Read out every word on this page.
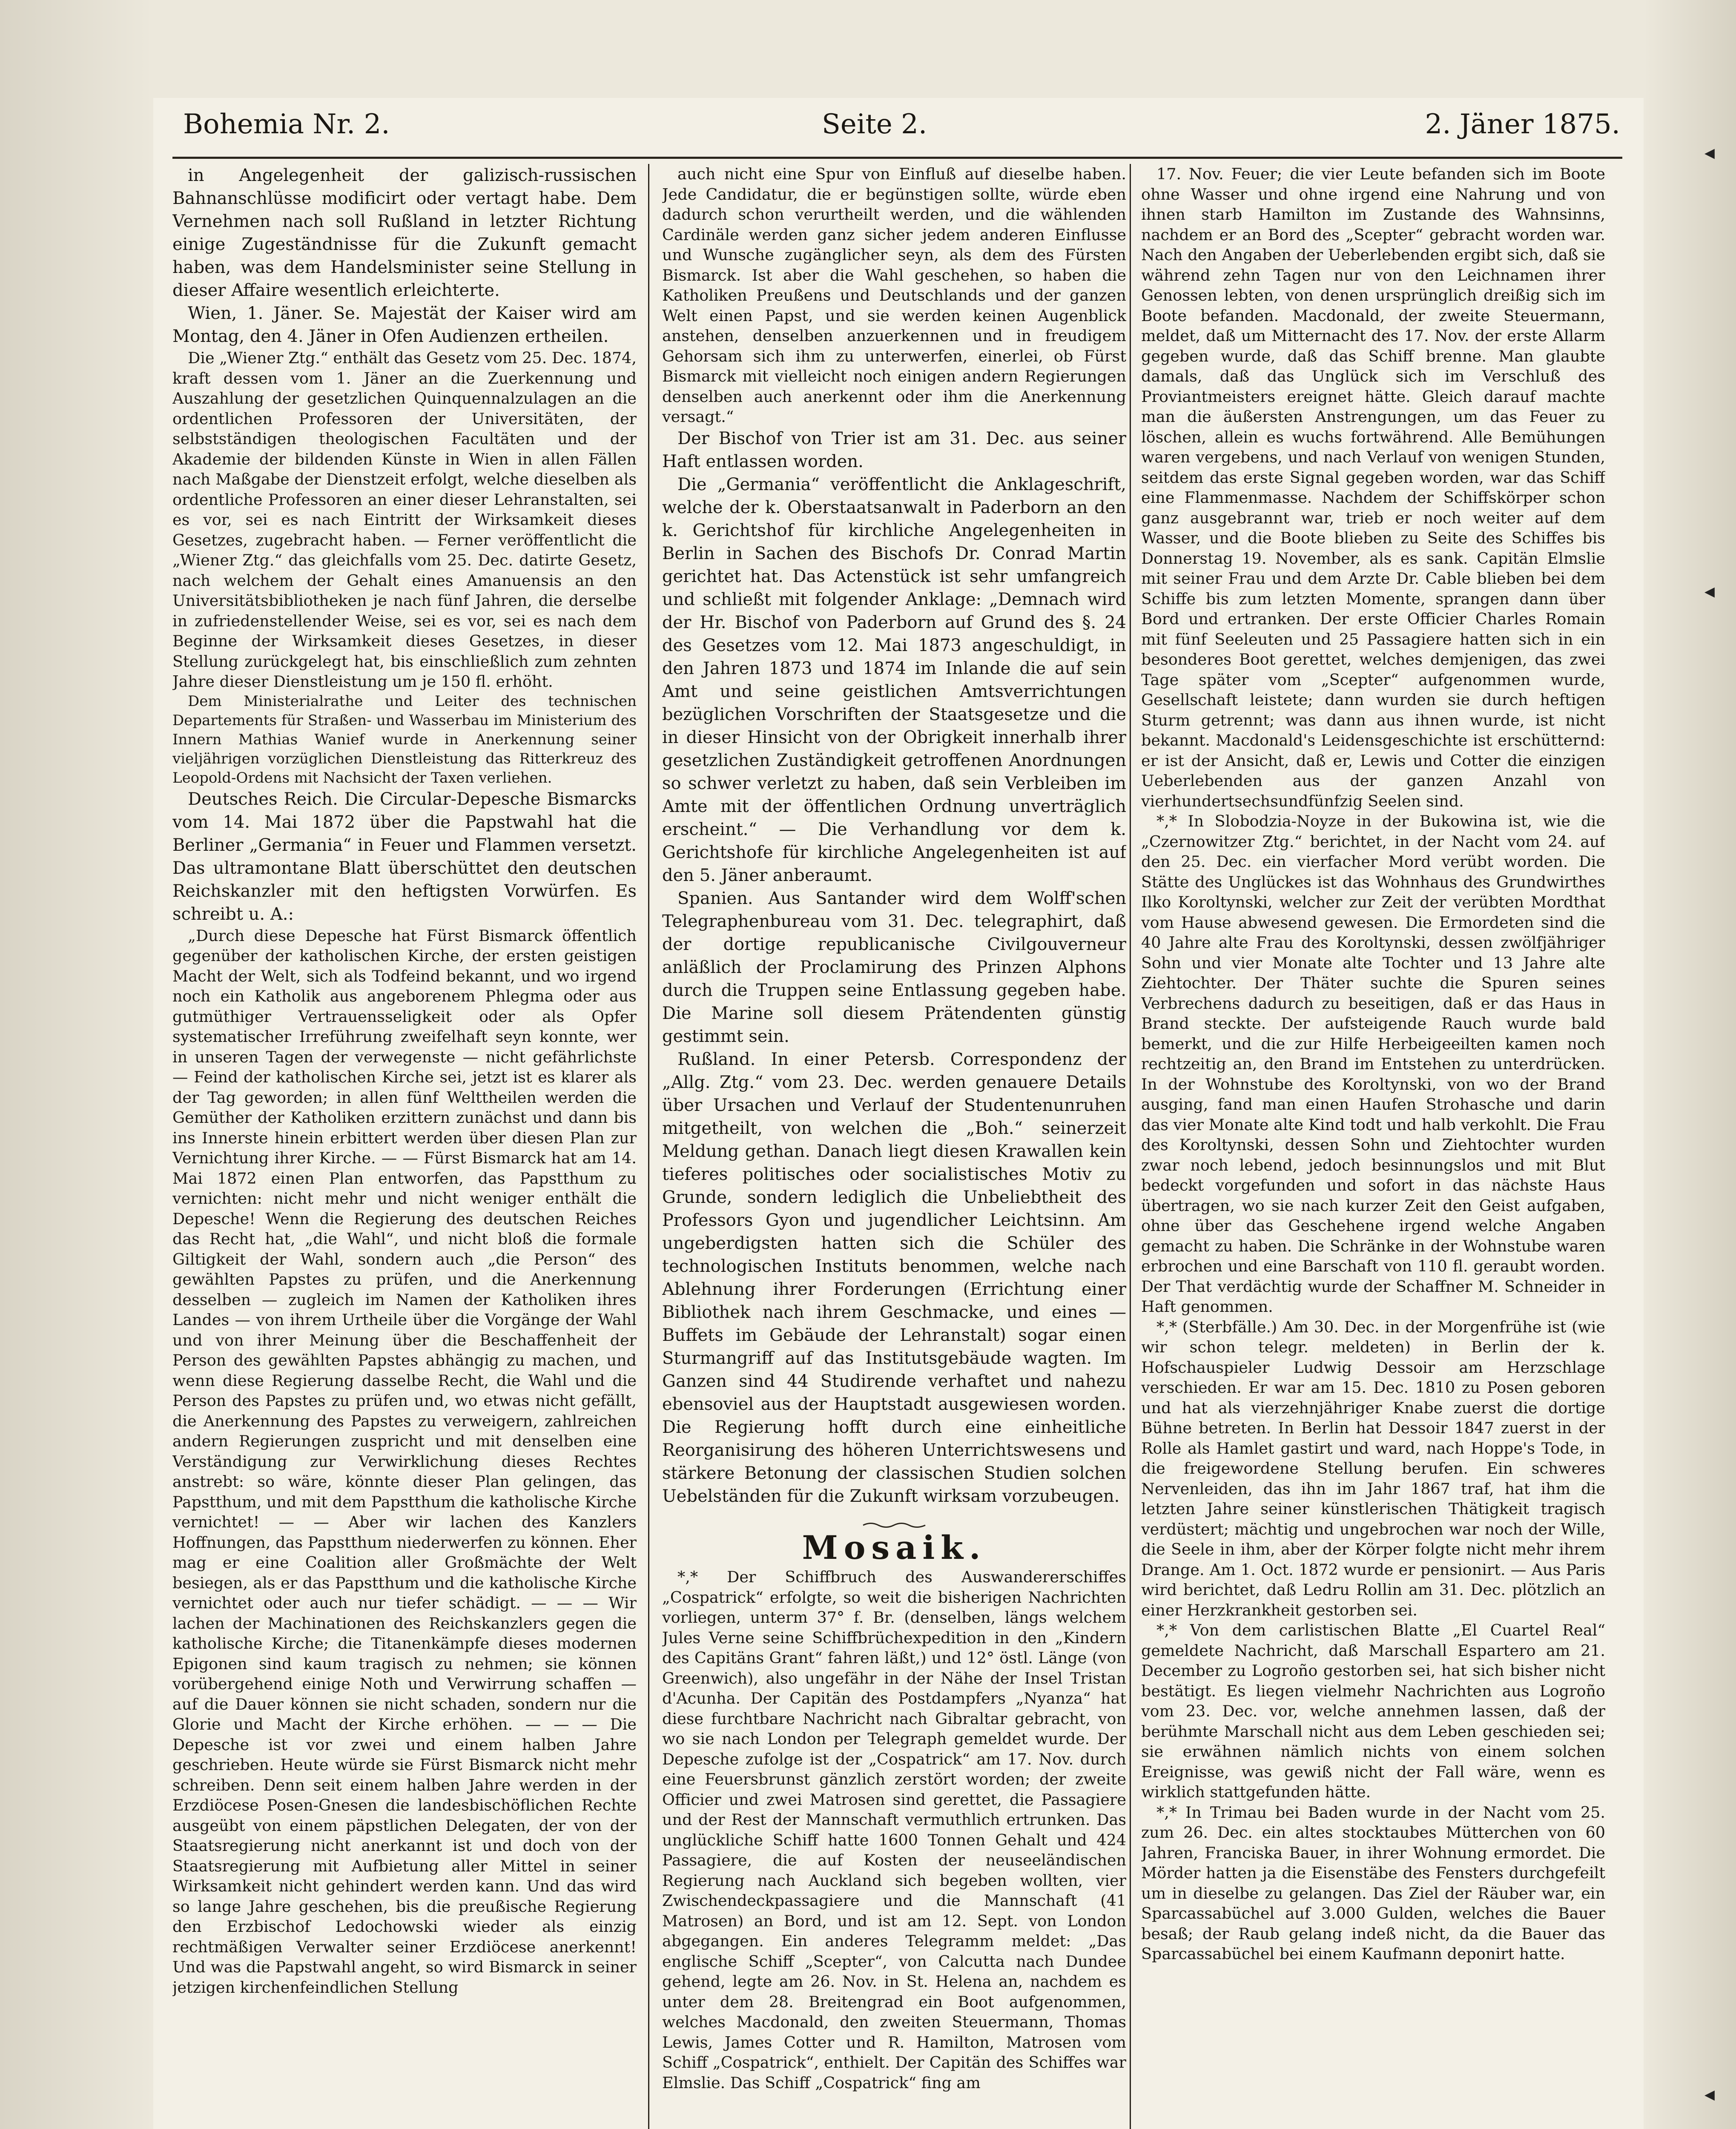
Bohemia Nr. 2.	Seite 2.	2. Jäner 1875.

in Angelegenheit der galizisch-russischen Bahnanschlüsse modificirt oder vertagt habe. Dem Vernehmen nach soll Rußland in letzter Richtung einige Zugeständnisse für die Zukunft gemacht haben, was dem Handelsminister seine Stellung in dieser Affaire wesentlich erleichterte.

Wien, 1. Jäner. Se. Majestät der Kaiser wird am Montag, den 4. Jäner in Ofen Audienzen ertheilen.

Die „Wiener Ztg.“ enthält das Gesetz vom 25. Dec. 1874, kraft dessen vom 1. Jäner an die Zuerkennung und Auszahlung der gesetzlichen Quinquennalzulagen an die ordentlichen Professoren der Universitäten, der selbstständigen theologischen Facultäten und der Akademie der bildenden Künste in Wien in allen Fällen nach Maßgabe der Dienstzeit erfolgt, welche dieselben als ordentliche Professoren an einer dieser Lehranstalten, sei es vor, sei es nach Eintritt der Wirksamkeit dieses Gesetzes, zugebracht haben. — Ferner veröffentlicht die „Wiener Ztg.“ das gleichfalls vom 25. Dec. datirte Gesetz, nach welchem der Gehalt eines Amanuensis an den Universitätsbibliotheken je nach fünf Jahren, die derselbe in zufriedenstellender Weise, sei es vor, sei es nach dem Beginne der Wirksamkeit dieses Gesetzes, in dieser Stellung zurückgelegt hat, bis einschließlich zum zehnten Jahre dieser Dienstleistung um je 150 fl. erhöht.

Dem Ministerialrathe und Leiter des technischen Departements für Straßen- und Wasserbau im Ministerium des Innern Mathias Wanief wurde in Anerkennung seiner vieljährigen vorzüglichen Dienstleistung das Ritterkreuz des Leopold-Ordens mit Nachsicht der Taxen verliehen.

Deutsches Reich. Die Circular-Depesche Bismarcks vom 14. Mai 1872 über die Papstwahl hat die Berliner „Germania“ in Feuer und Flammen versetzt. Das ultramontane Blatt überschüttet den deutschen Reichskanzler mit den heftigsten Vorwürfen. Es schreibt u. A.:

„Durch diese Depesche hat Fürst Bismarck öffentlich gegenüber der katholischen Kirche, der ersten geistigen Macht der Welt, sich als Todfeind bekannt, und wo irgend noch ein Katholik aus angeborenem Phlegma oder aus gutmüthiger Vertrauensseligkeit oder als Opfer systematischer Irreführung zweifelhaft seyn konnte, wer in unseren Tagen der verwegenste — nicht gefährlichste — Feind der katholischen Kirche sei, jetzt ist es klarer als der Tag geworden; in allen fünf Welttheilen werden die Gemüther der Katholiken erzittern zunächst und dann bis ins Innerste hinein erbittert werden über diesen Plan zur Vernichtung ihrer Kirche. — — Fürst Bismarck hat am 14. Mai 1872 einen Plan entworfen, das Papstthum zu vernichten: nicht mehr und nicht weniger enthält die Depesche! Wenn die Regierung des deutschen Reiches das Recht hat, „die Wahl“, und nicht bloß die formale Giltigkeit der Wahl, sondern auch „die Person“ des gewählten Papstes zu prüfen, und die Anerkennung desselben — zugleich im Namen der Katholiken ihres Landes — von ihrem Urtheile über die Vorgänge der Wahl und von ihrer Meinung über die Beschaffenheit der Person des gewählten Papstes abhängig zu machen, und wenn diese Regierung dasselbe Recht, die Wahl und die Person des Papstes zu prüfen und, wo etwas nicht gefällt, die Anerkennung des Papstes zu verweigern, zahlreichen andern Regierungen zuspricht und mit denselben eine Verständigung zur Verwirklichung dieses Rechtes anstrebt: so wäre, könnte dieser Plan gelingen, das Papstthum, und mit dem Papstthum die katholische Kirche vernichtet! — — Aber wir lachen des Kanzlers Hoffnungen, das Papstthum niederwerfen zu können. Eher mag er eine Coalition aller Großmächte der Welt besiegen, als er das Papstthum und die katholische Kirche vernichtet oder auch nur tiefer schädigt. — — — Wir lachen der Machinationen des Reichskanzlers gegen die katholische Kirche; die Titanenkämpfe dieses modernen Epigonen sind kaum tragisch zu nehmen; sie können vorübergehend einige Noth und Verwirrung schaffen — auf die Dauer können sie nicht schaden, sondern nur die Glorie und Macht der Kirche erhöhen. — — — Die Depesche ist vor zwei und einem halben Jahre geschrieben. Heute würde sie Fürst Bismarck nicht mehr schreiben. Denn seit einem halben Jahre werden in der Erzdiöcese Posen-Gnesen die landesbischöflichen Rechte ausgeübt von einem päpstlichen Delegaten, der von der Staatsregierung nicht anerkannt ist und doch von der Staatsregierung mit Aufbietung aller Mittel in seiner Wirksamkeit nicht gehindert werden kann. Und das wird so lange Jahre geschehen, bis die preußische Regierung den Erzbischof Ledochowski wieder als einzig rechtmäßigen Verwalter seiner Erzdiöcese anerkennt! Und was die Papstwahl angeht, so wird Bismarck in seiner jetzigen kirchenfeindlichen Stellung

auch nicht eine Spur von Einfluß auf dieselbe haben. Jede Candidatur, die er begünstigen sollte, würde eben dadurch schon verurtheilt werden, und die wählenden Cardinäle werden ganz sicher jedem anderen Einflusse und Wunsche zugänglicher seyn, als dem des Fürsten Bismarck. Ist aber die Wahl geschehen, so haben die Katholiken Preußens und Deutschlands und der ganzen Welt einen Papst, und sie werden keinen Augenblick anstehen, denselben anzuerkennen und in freudigem Gehorsam sich ihm zu unterwerfen, einerlei, ob Fürst Bismarck mit vielleicht noch einigen andern Regierungen denselben auch anerkennt oder ihm die Anerkennung versagt.“

Der Bischof von Trier ist am 31. Dec. aus seiner Haft entlassen worden.

Die „Germania“ veröffentlicht die Anklageschrift, welche der k. Oberstaatsanwalt in Paderborn an den k. Gerichtshof für kirchliche Angelegenheiten in Berlin in Sachen des Bischofs Dr. Conrad Martin gerichtet hat. Das Actenstück ist sehr umfangreich und schließt mit folgender Anklage: „Demnach wird der Hr. Bischof von Paderborn auf Grund des §. 24 des Gesetzes vom 12. Mai 1873 angeschuldigt, in den Jahren 1873 und 1874 im Inlande die auf sein Amt und seine geistlichen Amtsverrichtungen bezüglichen Vorschriften der Staatsgesetze und die in dieser Hinsicht von der Obrigkeit innerhalb ihrer gesetzlichen Zuständigkeit getroffenen Anordnungen so schwer verletzt zu haben, daß sein Verbleiben im Amte mit der öffentlichen Ordnung unverträglich erscheint.“ — Die Verhandlung vor dem k. Gerichtshofe für kirchliche Angelegenheiten ist auf den 5. Jäner anberaumt.

Spanien. Aus Santander wird dem Wolff'schen Telegraphenbureau vom 31. Dec. telegraphirt, daß der dortige republicanische Civilgouverneur anläßlich der Proclamirung des Prinzen Alphons durch die Truppen seine Entlassung gegeben habe. Die Marine soll diesem Prätendenten günstig gestimmt sein.

Rußland. In einer Petersb. Correspondenz der „Allg. Ztg.“ vom 23. Dec. werden genauere Details über Ursachen und Verlauf der Studentenunruhen mitgetheilt, von welchen die „Boh.“ seinerzeit Meldung gethan. Danach liegt diesen Krawallen kein tieferes politisches oder socialistisches Motiv zu Grunde, sondern lediglich die Unbeliebtheit des Professors Gyon und jugendlicher Leichtsinn. Am ungeberdigsten hatten sich die Schüler des technologischen Instituts benommen, welche nach Ablehnung ihrer Forderungen (Errichtung einer Bibliothek nach ihrem Geschmacke, und eines — Buffets im Gebäude der Lehranstalt) sogar einen Sturmangriff auf das Institutsgebäude wagten. Im Ganzen sind 44 Studirende verhaftet und nahezu ebensoviel aus der Hauptstadt ausgewiesen worden. Die Regierung hofft durch eine einheitliche Reorganisirung des höheren Unterrichtswesens und stärkere Betonung der classischen Studien solchen Uebelständen für die Zukunft wirksam vorzubeugen.

Mosaik.

*,* Der Schiffbruch des Auswandererschiffes „Cospatrick“ erfolgte, so weit die bisherigen Nachrichten vorliegen, unterm 37° f. Br. (denselben, längs welchem Jules Verne seine Schiffbrüchexpedition in den „Kindern des Capitäns Grant“ fahren läßt,) und 12° östl. Länge (von Greenwich), also ungefähr in der Nähe der Insel Tristan d'Acunha. Der Capitän des Postdampfers „Nyanza“ hat diese furchtbare Nachricht nach Gibraltar gebracht, von wo sie nach London per Telegraph gemeldet wurde. Der Depesche zufolge ist der „Cospatrick“ am 17. Nov. durch eine Feuersbrunst gänzlich zerstört worden; der zweite Officier und zwei Matrosen sind gerettet, die Passagiere und der Rest der Mannschaft vermuthlich ertrunken. Das unglückliche Schiff hatte 1600 Tonnen Gehalt und 424 Passagiere, die auf Kosten der neuseeländischen Regierung nach Auckland sich begeben wollten, vier Zwischendeckpassagiere und die Mannschaft (41 Matrosen) an Bord, und ist am 12. Sept. von London abgegangen. Ein anderes Telegramm meldet: „Das englische Schiff „Scepter“, von Calcutta nach Dundee gehend, legte am 26. Nov. in St. Helena an, nachdem es unter dem 28. Breitengrad ein Boot aufgenommen, welches Macdonald, den zweiten Steuermann, Thomas Lewis, James Cotter und R. Hamilton, Matrosen vom Schiff „Cospatrick“, enthielt. Der Capitän des Schiffes war Elmslie. Das Schiff „Cospatrick“ fing am

17. Nov. Feuer; die vier Leute befanden sich im Boote ohne Wasser und ohne irgend eine Nahrung und von ihnen starb Hamilton im Zustande des Wahnsinns, nachdem er an Bord des „Scepter“ gebracht worden war. Nach den Angaben der Ueberlebenden ergibt sich, daß sie während zehn Tagen nur von den Leichnamen ihrer Genossen lebten, von denen ursprünglich dreißig sich im Boote befanden. Macdonald, der zweite Steuermann, meldet, daß um Mitternacht des 17. Nov. der erste Allarm gegeben wurde, daß das Schiff brenne. Man glaubte damals, daß das Unglück sich im Verschluß des Proviantmeisters ereignet hätte. Gleich darauf machte man die äußersten Anstrengungen, um das Feuer zu löschen, allein es wuchs fortwährend. Alle Bemühungen waren vergebens, und nach Verlauf von wenigen Stunden, seitdem das erste Signal gegeben worden, war das Schiff eine Flammenmasse. Nachdem der Schiffskörper schon ganz ausgebrannt war, trieb er noch weiter auf dem Wasser, und die Boote blieben zu Seite des Schiffes bis Donnerstag 19. November, als es sank. Capitän Elmslie mit seiner Frau und dem Arzte Dr. Cable blieben bei dem Schiffe bis zum letzten Momente, sprangen dann über Bord und ertranken. Der erste Officier Charles Romain mit fünf Seeleuten und 25 Passagiere hatten sich in ein besonderes Boot gerettet, welches demjenigen, das zwei Tage später vom „Scepter“ aufgenommen wurde, Gesellschaft leistete; dann wurden sie durch heftigen Sturm getrennt; was dann aus ihnen wurde, ist nicht bekannt. Macdonald's Leidensgeschichte ist erschütternd: er ist der Ansicht, daß er, Lewis und Cotter die einzigen Ueberlebenden aus der ganzen Anzahl von vierhundertsechsundfünfzig Seelen sind.

*,* In Slobodzia-Noyze in der Bukowina ist, wie die „Czernowitzer Ztg.“ berichtet, in der Nacht vom 24. auf den 25. Dec. ein vierfacher Mord verübt worden. Die Stätte des Unglückes ist das Wohnhaus des Grundwirthes Ilko Koroltynski, welcher zur Zeit der verübten Mordthat vom Hause abwesend gewesen. Die Ermordeten sind die 40 Jahre alte Frau des Koroltynski, dessen zwölfjähriger Sohn und vier Monate alte Tochter und 13 Jahre alte Ziehtochter. Der Thäter suchte die Spuren seines Verbrechens dadurch zu beseitigen, daß er das Haus in Brand steckte. Der aufsteigende Rauch wurde bald bemerkt, und die zur Hilfe Herbeigeeilten kamen noch rechtzeitig an, den Brand im Entstehen zu unterdrücken. In der Wohnstube des Koroltynski, von wo der Brand ausging, fand man einen Haufen Strohasche und darin das vier Monate alte Kind todt und halb verkohlt. Die Frau des Koroltynski, dessen Sohn und Ziehtochter wurden zwar noch lebend, jedoch besinnungslos und mit Blut bedeckt vorgefunden und sofort in das nächste Haus übertragen, wo sie nach kurzer Zeit den Geist aufgaben, ohne über das Geschehene irgend welche Angaben gemacht zu haben. Die Schränke in der Wohnstube waren erbrochen und eine Barschaft von 110 fl. geraubt worden. Der That verdächtig wurde der Schaffner M. Schneider in Haft genommen.

*,* (Sterbfälle.) Am 30. Dec. in der Morgenfrühe ist (wie wir schon telegr. meldeten) in Berlin der k. Hofschauspieler Ludwig Dessoir am Herzschlage verschieden. Er war am 15. Dec. 1810 zu Posen geboren und hat als vierzehnjähriger Knabe zuerst die dortige Bühne betreten. In Berlin hat Dessoir 1847 zuerst in der Rolle als Hamlet gastirt und ward, nach Hoppe's Tode, in die freigewordene Stellung berufen. Ein schweres Nervenleiden, das ihn im Jahr 1867 traf, hat ihm die letzten Jahre seiner künstlerischen Thätigkeit tragisch verdüstert; mächtig und ungebrochen war noch der Wille, die Seele in ihm, aber der Körper folgte nicht mehr ihrem Drange. Am 1. Oct. 1872 wurde er pensionirt. — Aus Paris wird berichtet, daß Ledru Rollin am 31. Dec. plötzlich an einer Herzkrankheit gestorben sei.

*,* Von dem carlistischen Blatte „El Cuartel Real“ gemeldete Nachricht, daß Marschall Espartero am 21. December zu Logroño gestorben sei, hat sich bisher nicht bestätigt. Es liegen vielmehr Nachrichten aus Logroño vom 23. Dec. vor, welche annehmen lassen, daß der berühmte Marschall nicht aus dem Leben geschieden sei; sie erwähnen nämlich nichts von einem solchen Ereignisse, was gewiß nicht der Fall wäre, wenn es wirklich stattgefunden hätte.

*,* In Trimau bei Baden wurde in der Nacht vom 25. zum 26. Dec. ein altes stocktaubes Mütterchen von 60 Jahren, Franciska Bauer, in ihrer Wohnung ermordet. Die Mörder hatten ja die Eisenstäbe des Fensters durchgefeilt um in dieselbe zu gelangen. Das Ziel der Räuber war, ein Sparcassabüchel auf 3.000 Gulden, welches die Bauer besaß; der Raub gelang indeß nicht, da die Bauer das Sparcassabüchel bei einem Kaufmann deponirt hatte.

◂
◂
◂
